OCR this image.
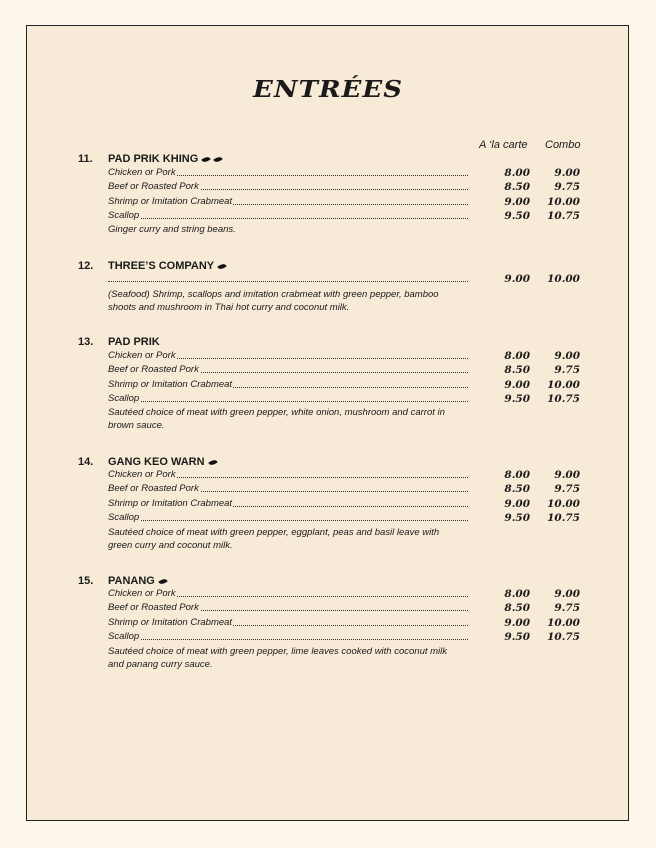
ENTRÉES
A ‘la carte Combo
11. PAD PRIK KHING
Chicken or Pork	8.00	9.00
Beef or Roasted Pork	8.50	9.75
Shrimp or Imitation Crabmeat	9.00	10.00
Scallop	9.50	10.75
Ginger curry and string beans.
12. THREE’S COMPANY
9.00	10.00
(Seafood) Shrimp, scallops and imitation crabmeat with green pepper, bamboo
shoots and mushroom in Thai hot curry and coconut milk.
13. PAD PRIK
Chicken or Pork	8.00	9.00
Beef or Roasted Pork	8.50	9.75
Shrimp or Imitation Crabmeat	9.00	10.00
Scallop	9.50	10.75
Sautéed choice of meat with green pepper, white onion, mushroom and carrot in
brown sauce.
14. GANG KEO WARN
Chicken or Pork	8.00	9.00
Beef or Roasted Pork	8.50	9.75
Shrimp or Imitation Crabmeat	9.00	10.00
Scallop	9.50	10.75
Sautéed choice of meat with green pepper, eggplant, peas and basil leave with
green curry and coconut milk.
15. PANANG
Chicken or Pork	8.00	9.00
Beef or Roasted Pork	8.50	9.75
Shrimp or Imitation Crabmeat	9.00	10.00
Scallop	9.50	10.75
Sautéed choice of meat with green pepper, lime leaves cooked with coconut milk
and panang curry sauce.
